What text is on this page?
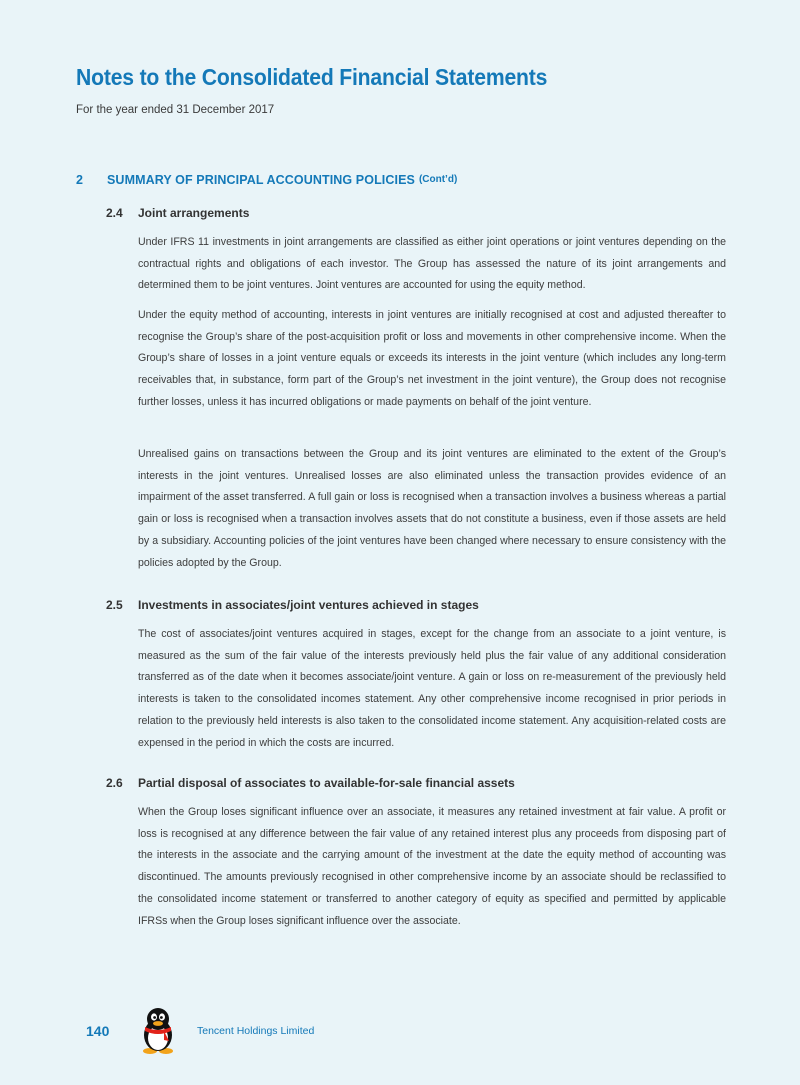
Notes to the Consolidated Financial Statements
For the year ended 31 December 2017
2	SUMMARY OF PRINCIPAL ACCOUNTING POLICIES (Cont’d)
2.4	Joint arrangements

Under IFRS 11 investments in joint arrangements are classified as either joint operations or joint ventures depending on the contractual rights and obligations of each investor. The Group has assessed the nature of its joint arrangements and determined them to be joint ventures. Joint ventures are accounted for using the equity method.

Under the equity method of accounting, interests in joint ventures are initially recognised at cost and adjusted thereafter to recognise the Group’s share of the post-acquisition profit or loss and movements in other comprehensive income. When the Group’s share of losses in a joint venture equals or exceeds its interests in the joint venture (which includes any long-term receivables that, in substance, form part of the Group’s net investment in the joint venture), the Group does not recognise further losses, unless it has incurred obligations or made payments on behalf of the joint venture.

Unrealised gains on transactions between the Group and its joint ventures are eliminated to the extent of the Group’s interests in the joint ventures. Unrealised losses are also eliminated unless the transaction provides evidence of an impairment of the asset transferred. A full gain or loss is recognised when a transaction involves a business whereas a partial gain or loss is recognised when a transaction involves assets that do not constitute a business, even if those assets are held by a subsidiary. Accounting policies of the joint ventures have been changed where necessary to ensure consistency with the policies adopted by the Group.

2.5	Investments in associates/joint ventures achieved in stages

The cost of associates/joint ventures acquired in stages, except for the change from an associate to a joint venture, is measured as the sum of the fair value of the interests previously held plus the fair value of any additional consideration transferred as of the date when it becomes associate/joint venture. A gain or loss on re-measurement of the previously held interests is taken to the consolidated incomes statement. Any other comprehensive income recognised in prior periods in relation to the previously held interests is also taken to the consolidated income statement. Any acquisition-related costs are expensed in the period in which the costs are incurred.

2.6	Partial disposal of associates to available-for-sale financial assets

When the Group loses significant influence over an associate, it measures any retained investment at fair value. A profit or loss is recognised at any difference between the fair value of any retained interest plus any proceeds from disposing part of the interests in the associate and the carrying amount of the investment at the date the equity method of accounting was discontinued. The amounts previously recognised in other comprehensive income by an associate should be reclassified to the consolidated income statement or transferred to another category of equity as specified and permitted by applicable IFRSs when the Group loses significant influence over the associate.

140	Tencent Holdings Limited
